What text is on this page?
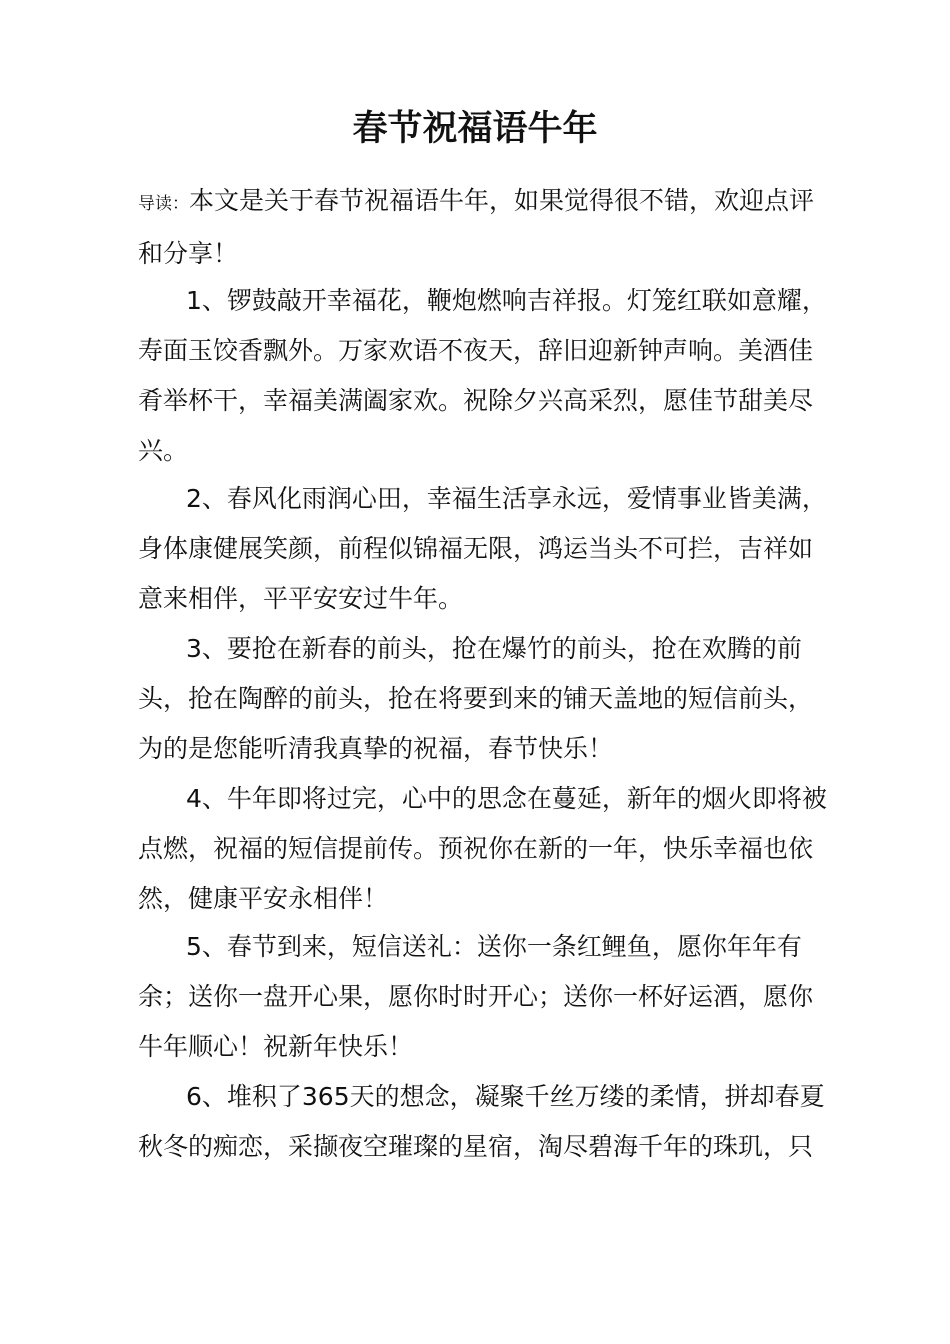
春节祝福语牛年

导读：本文是关于春节祝福语牛年，如果觉得很不错，欢迎点评和分享！

1、锣鼓敲开幸福花，鞭炮燃响吉祥报。灯笼红联如意耀，寿面玉饺香飘外。万家欢语不夜天，辞旧迎新钟声响。美酒佳肴举杯干，幸福美满阖家欢。祝除夕兴高采烈，愿佳节甜美尽兴。

2、春风化雨润心田，幸福生活享永远，爱情事业皆美满，身体康健展笑颜，前程似锦福无限，鸿运当头不可拦，吉祥如意来相伴，平平安安过牛年。

3、要抢在新春的前头，抢在爆竹的前头，抢在欢腾的前头，抢在陶醉的前头，抢在将要到来的铺天盖地的短信前头，为的是您能听清我真挚的祝福，春节快乐！

4、牛年即将过完，心中的思念在蔓延，新年的烟火即将被点燃，祝福的短信提前传。预祝你在新的一年，快乐幸福也依然，健康平安永相伴！

5、春节到来，短信送礼：送你一条红鲤鱼，愿你年年有余；送你一盘开心果，愿你时时开心；送你一杯好运酒，愿你牛年顺心！祝新年快乐！

6、堆积了365天的想念，凝聚千丝万缕的柔情，拼却春夏秋冬的痴恋，采撷夜空璀璨的星宿，淘尽碧海千年的珠玑，只
